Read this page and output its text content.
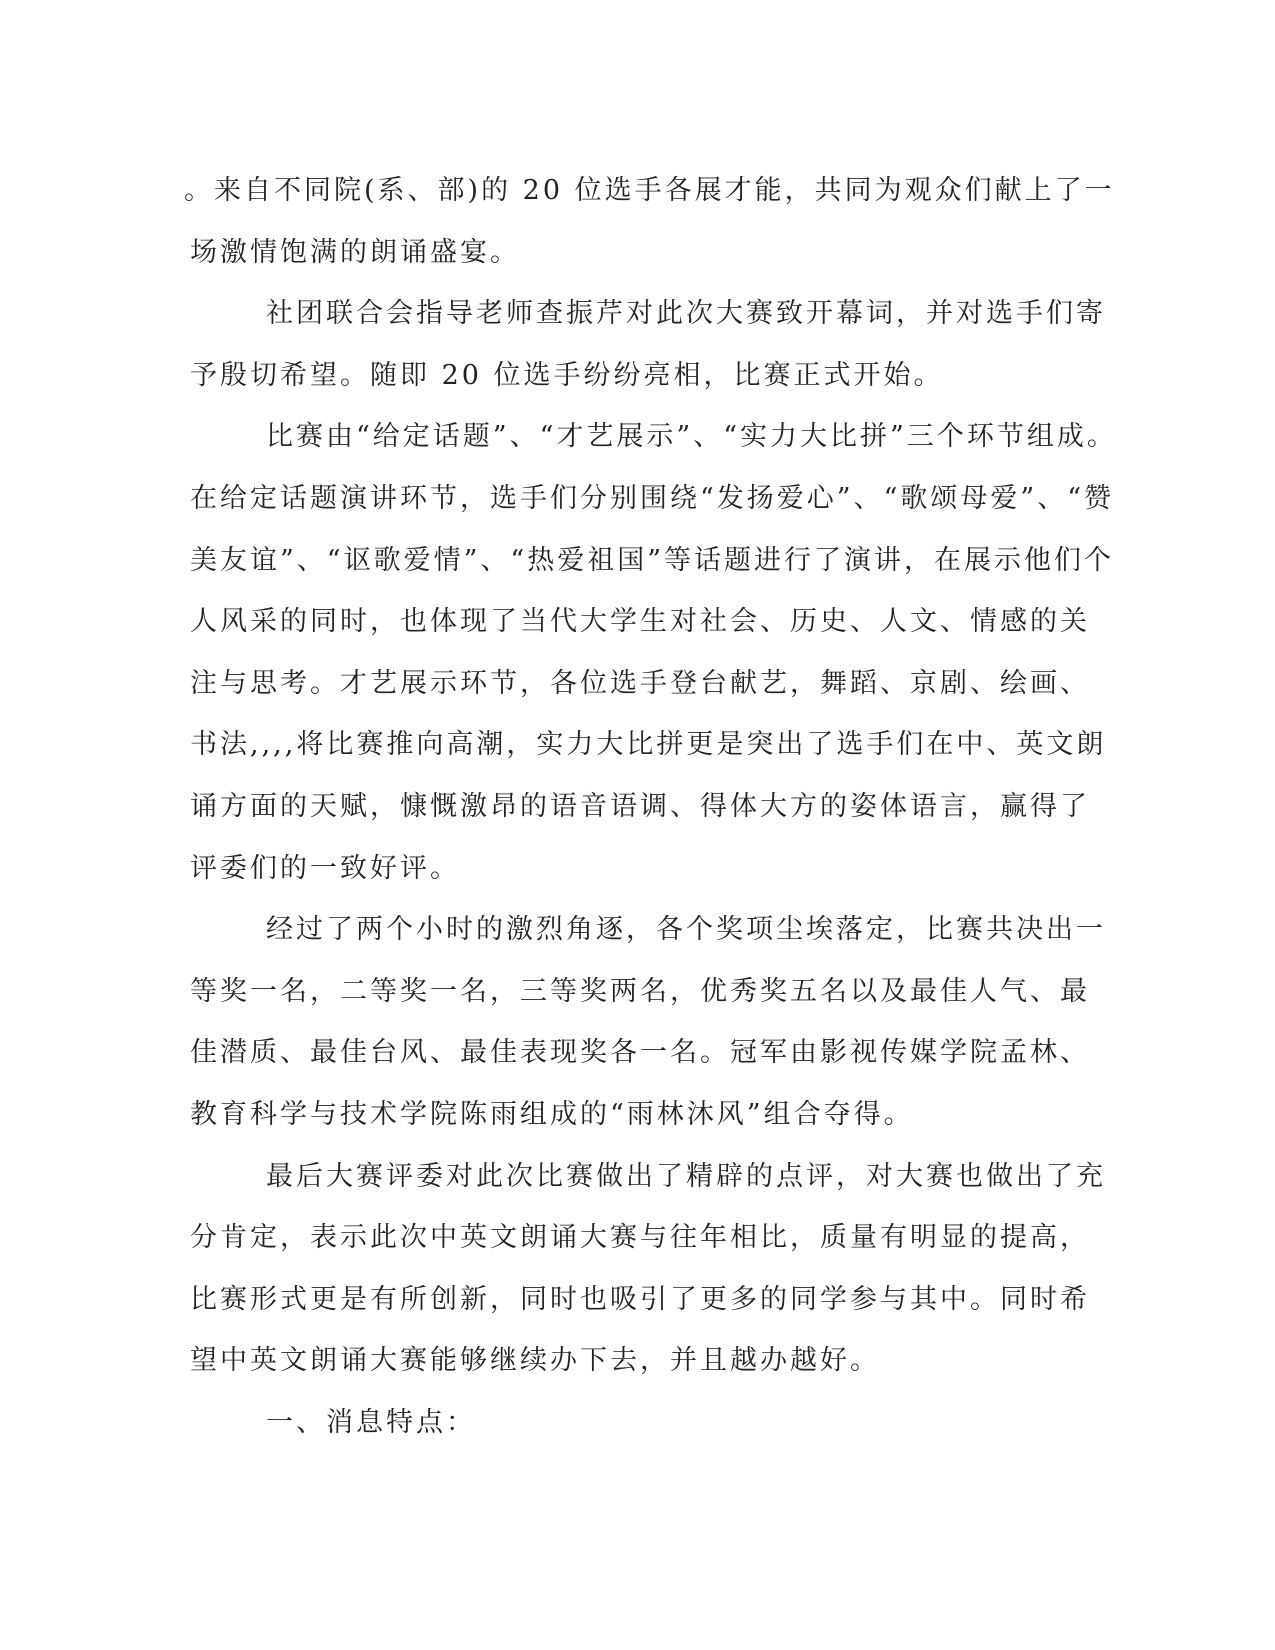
。来自不同院(系、部)的 20 位选手各展才能，共同为观众们献上了一
场激情饱满的朗诵盛宴。
社团联合会指导老师查振芹对此次大赛致开幕词，并对选手们寄
予殷切希望。随即 20 位选手纷纷亮相，比赛正式开始。
比赛由“给定话题”、“才艺展示”、“实力大比拼”三个环节组成。
在给定话题演讲环节，选手们分别围绕“发扬爱心”、“歌颂母爱”、“赞
美友谊”、“讴歌爱情”、“热爱祖国”等话题进行了演讲，在展示他们个
人风采的同时，也体现了当代大学生对社会、历史、人文、情感的关
注与思考。才艺展示环节，各位选手登台献艺，舞蹈、京剧、绘画、
书法,,,,将比赛推向高潮，实力大比拼更是突出了选手们在中、英文朗
诵方面的天赋，慷慨激昂的语音语调、得体大方的姿体语言，赢得了
评委们的一致好评。
经过了两个小时的激烈角逐，各个奖项尘埃落定，比赛共决出一
等奖一名，二等奖一名，三等奖两名，优秀奖五名以及最佳人气、最
佳潜质、最佳台风、最佳表现奖各一名。冠军由影视传媒学院孟林、
教育科学与技术学院陈雨组成的“雨林沐风”组合夺得。
最后大赛评委对此次比赛做出了精辟的点评，对大赛也做出了充
分肯定，表示此次中英文朗诵大赛与往年相比，质量有明显的提高，
比赛形式更是有所创新，同时也吸引了更多的同学参与其中。同时希
望中英文朗诵大赛能够继续办下去，并且越办越好。
一、消息特点：
